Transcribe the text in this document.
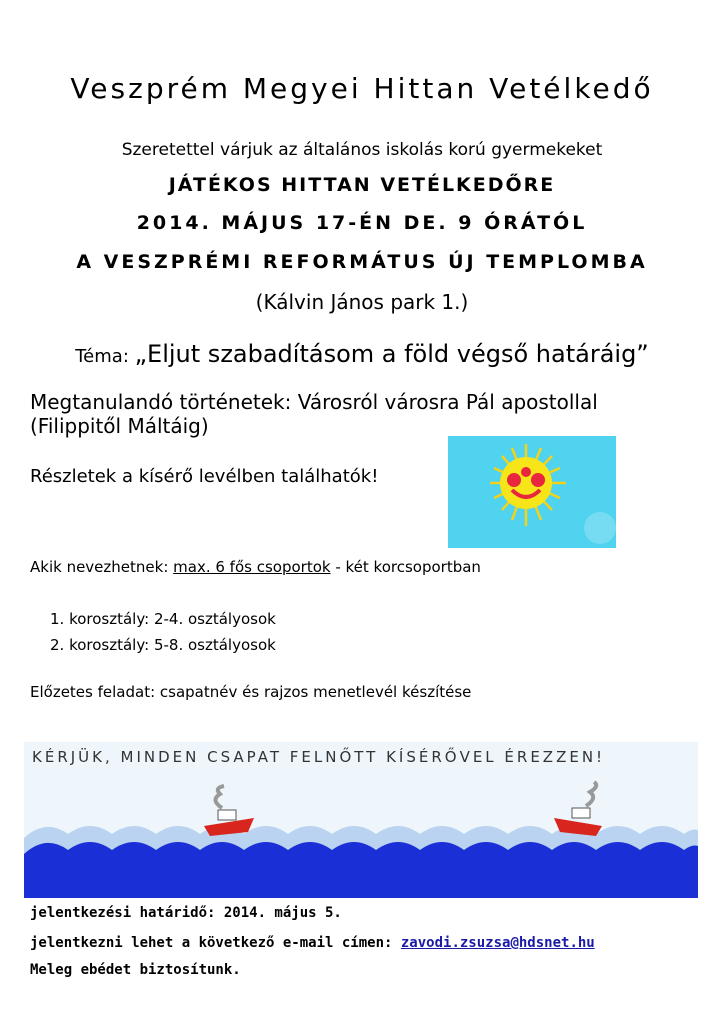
Veszprém Megyei Hittan Vetélkedő
Szeretettel várjuk az általános iskolás korú gyermekeket
JÁTÉKOS HITTAN VETÉLKEDŐRE
2014. MÁJUS 17-ÉN DE. 9 ÓRÁTÓL
A VESZPRÉMI REFORMÁTUS ÚJ TEMPLOMBA
(Kálvin János park 1.)
Téma: „Eljut szabadításom a föld végső határáig”
Megtanulandó történetek: Városról városra Pál apostollal (Filippitől Máltáig)
Részletek a kísérő levélben találhatók!
Akik nevezhetnek: max. 6 fős csoportok - két korcsoportban
1. korosztály: 2-4. osztályosok
2. korosztály: 5-8. osztályosok
Előzetes feladat: csapatnév és rajzos menetlevél készítése
KÉRJÜK, MINDEN CSAPAT FELNŐTT KÍSÉRŐVEL ÉREZZEN!
jelentkezési határidő: 2014. május 5.
jelentkezni lehet a következő e-mail címen: zavodi.zsuzsa@hdsnet.hu
Meleg ebédet biztosítunk.
